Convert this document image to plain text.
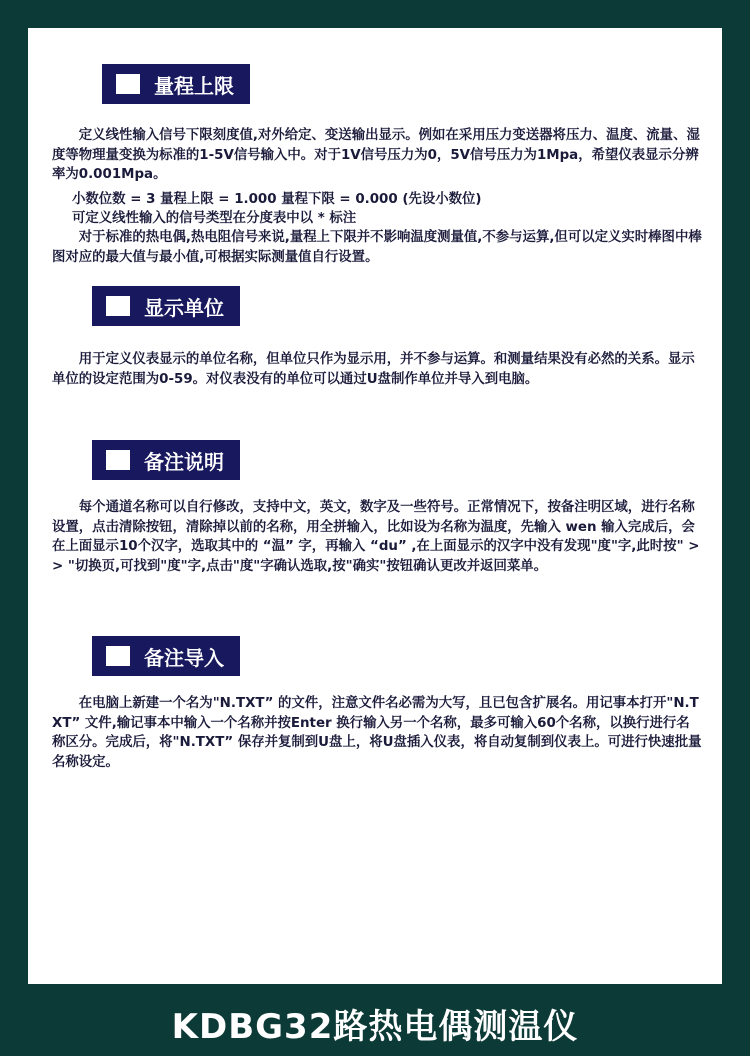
量程上限

定义线性输入信号下限刻度值,对外给定、变送输出显示。例如在采用压力变送器将压力、温度、流量、湿度等物理量变换为标准的1-5V信号输入中。对于1V信号压力为0，5V信号压力为1Mpa，希望仪表显示分辨率为0.001Mpa。

小数位数 = 3 量程上限 = 1.000 量程下限 = 0.000 (先设小数位)
可定义线性输入的信号类型在分度表中以 * 标注

对于标准的热电偶,热电阻信号来说,量程上下限并不影响温度测量值,不参与运算,但可以定义实时棒图中棒图对应的最大值与最小值,可根据实际测量值自行设置。

显示单位

用于定义仪表显示的单位名称，但单位只作为显示用，并不参与运算。和测量结果没有必然的关系。显示单位的设定范围为0-59。对仪表没有的单位可以通过U盘制作单位并导入到电脑。

备注说明

每个通道名称可以自行修改，支持中文，英文，数字及一些符号。正常情况下，按备注明区域，进行名称设置，点击清除按钮，清除掉以前的名称，用全拼输入，比如设为名称为温度，先输入 wen 输入完成后，会在上面显示10个汉字，选取其中的 “温” 字，再输入 “du” ,在上面显示的汉字中没有发现"度"字,此时按" >> "切换页,可找到"度"字,点击"度"字确认选取,按"确实"按钮确认更改并返回菜单。

备注导入

在电脑上新建一个名为"N.TXT” 的文件，注意文件名必需为大写，且已包含扩展名。用记事本打开"N.TXT” 文件,输记事本中输入一个名称并按Enter 换行输入另一个名称，最多可输入60个名称，以换行进行名称区分。完成后，将"N.TXT” 保存并复制到U盘上，将U盘插入仪表，将自动复制到仪表上。可进行快速批量名称设定。

KDBG32路热电偶测温仪
